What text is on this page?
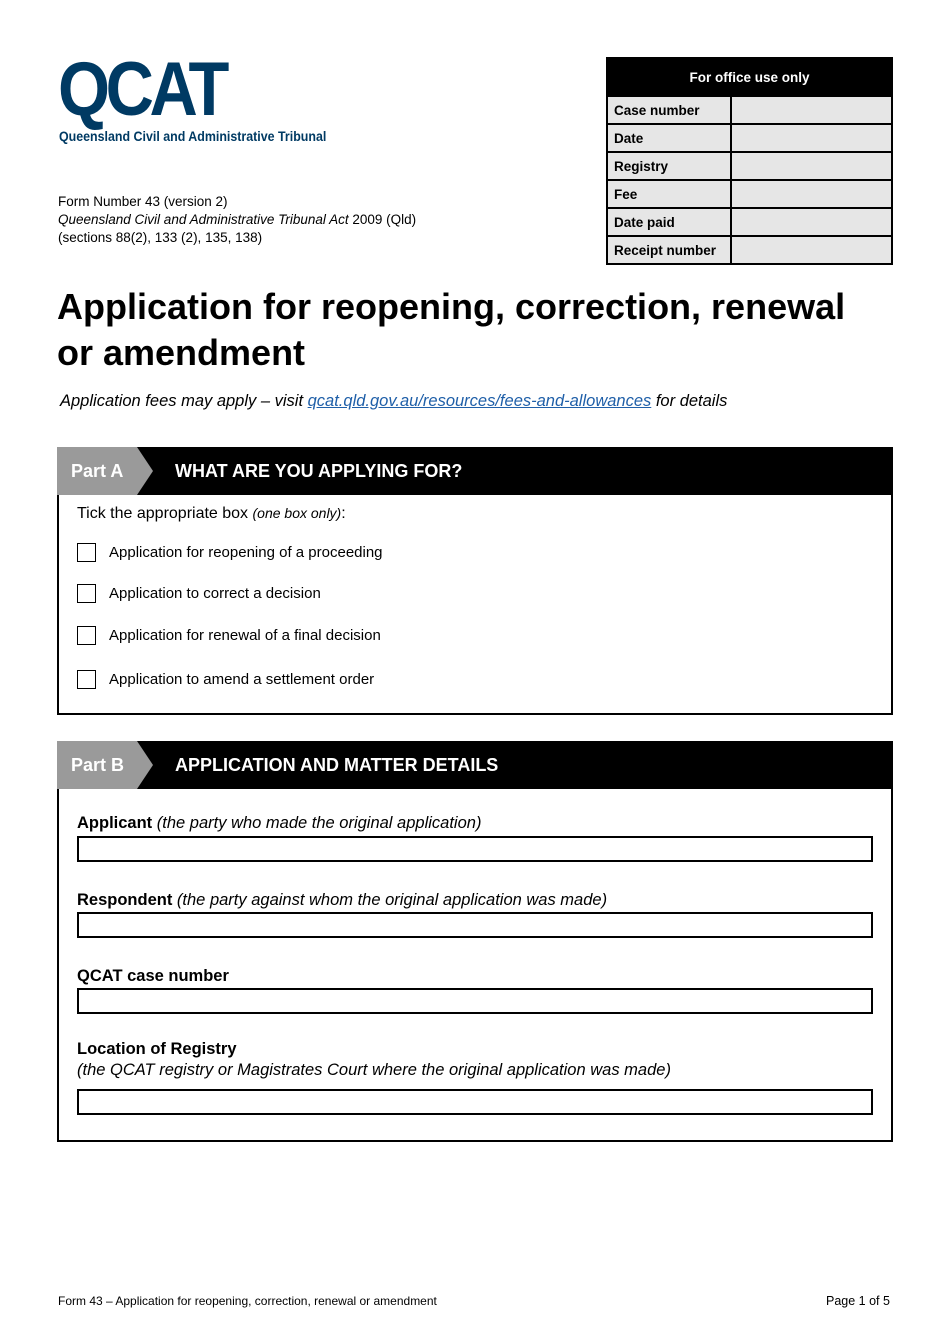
QCAT
Queensland Civil and Administrative Tribunal
Form Number 43 (version 2)
Queensland Civil and Administrative Tribunal Act 2009 (Qld)
(sections 88(2), 133 (2), 135, 138)
For office use only	
Case number	
Date	
Registry	
Fee	
Date paid	
Receipt number	
Application for reopening, correction, renewal or amendment
Application fees may apply – visit qcat.qld.gov.au/resources/fees-and-allowances for details
Part A	WHAT ARE YOU APPLYING FOR?
Tick the appropriate box (one box only):
Application for reopening of a proceeding
Application to correct a decision
Application for renewal of a final decision
Application to amend a settlement order
Part B	APPLICATION AND MATTER DETAILS
Applicant (the party who made the original application)
Respondent (the party against whom the original application was made)
QCAT case number
Location of Registry
(the QCAT registry or Magistrates Court where the original application was made)
Form 43 – Application for reopening, correction, renewal or amendment	Page 1 of 5
